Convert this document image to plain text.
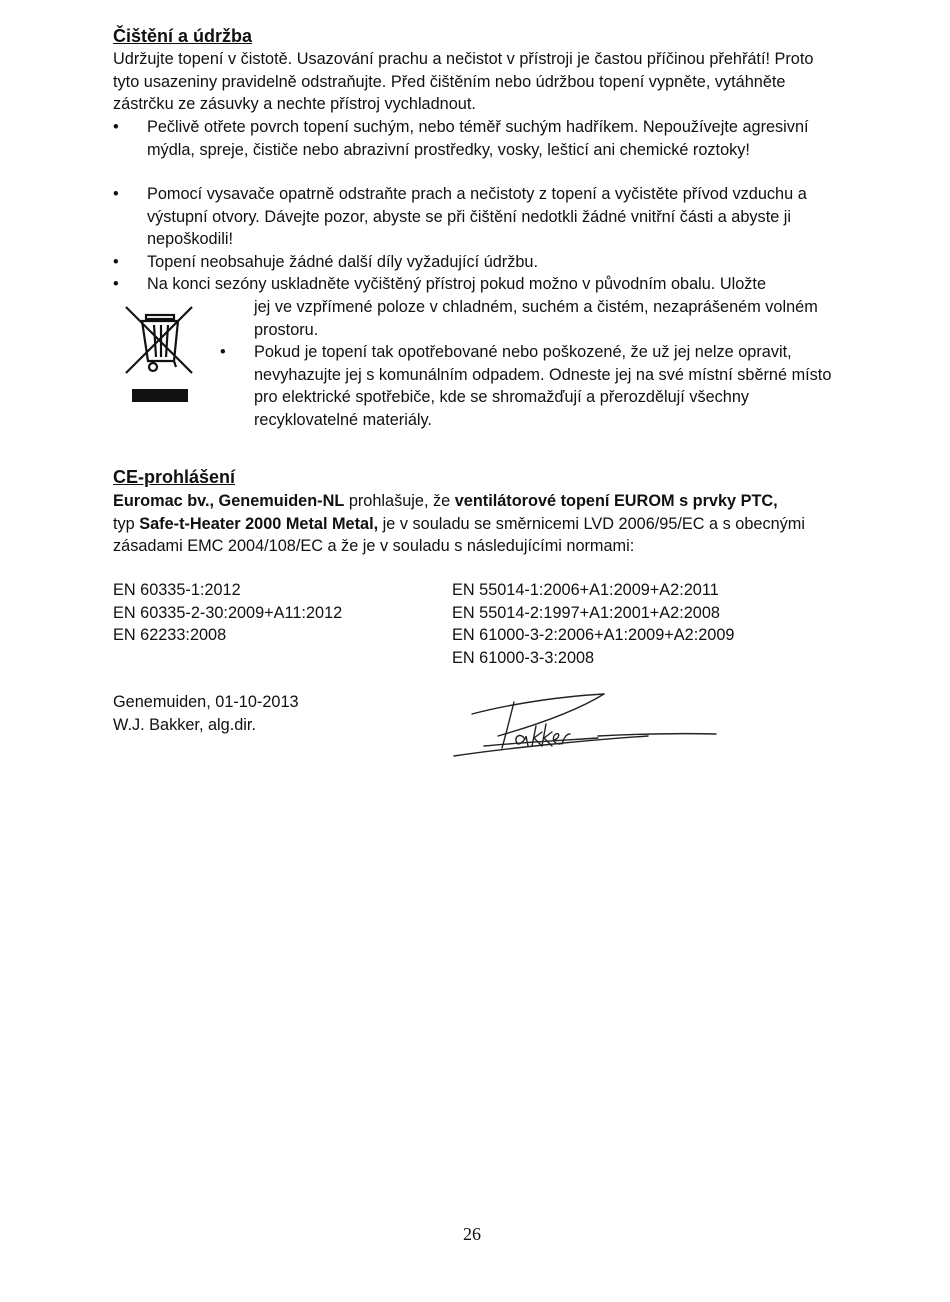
Čištění a údržba

Udržujte topení v čistotě. Usazování prachu a nečistot v přístroji je častou příčinou přehřátí! Proto tyto usazeniny pravidelně odstraňujte. Před čištěním nebo údržbou topení vypněte, vytáhněte zástrčku ze zásuvky a nechte přístroj vychladnout.

• Pečlivě otřete povrch topení suchým, nebo téměř suchým hadříkem. Nepoužívejte agresivní mýdla, spreje, čističe nebo abrazivní prostředky, vosky, lešticí ani chemické roztoky!
• Pomocí vysavače opatrně odstraňte prach a nečistoty z topení a vyčistěte přívod vzduchu a výstupní otvory. Dávejte pozor, abyste se při čištění nedotkli žádné vnitřní části a abyste ji nepoškodili!
• Topení neobsahuje žádné další díly vyžadující údržbu.
• Na konci sezóny uskladněte vyčištěný přístroj pokud možno v původním obalu. Uložte

jej ve vzpřímené poloze v chladném, suchém a čistém, nezaprášeném volném prostoru.

• Pokud je topení tak opotřebované nebo poškozené, že už jej nelze opravit, nevyhazujte jej s komunálním odpadem. Odneste jej na své místní sběrné místo pro elektrické spotřebiče, kde se shromažďují a přerozdělují všechny recyklovatelné materiály.
CE-prohlášení

Euromac bv., Genemuiden-NL prohlašuje, že ventilátorové topení EUROM s prvky PTC,
typ Safe-t-Heater 2000 Metal Metal, je v souladu se směrnicemi LVD 2006/95/EC a s obecnými zásadami EMC 2004/108/EC a že je v souladu s následujícími normami:

EN 60335-1:2012
EN 60335-2-30:2009+A11:2012
EN 62233:2008
EN 55014-1:2006+A1:2009+A2:2011
EN 55014-2:1997+A1:2001+A2:2008
EN 61000-3-2:2006+A1:2009+A2:2009
EN 61000-3-3:2008
Genemuiden, 01-10-2013
W.J. Bakker, alg.dir.
26
